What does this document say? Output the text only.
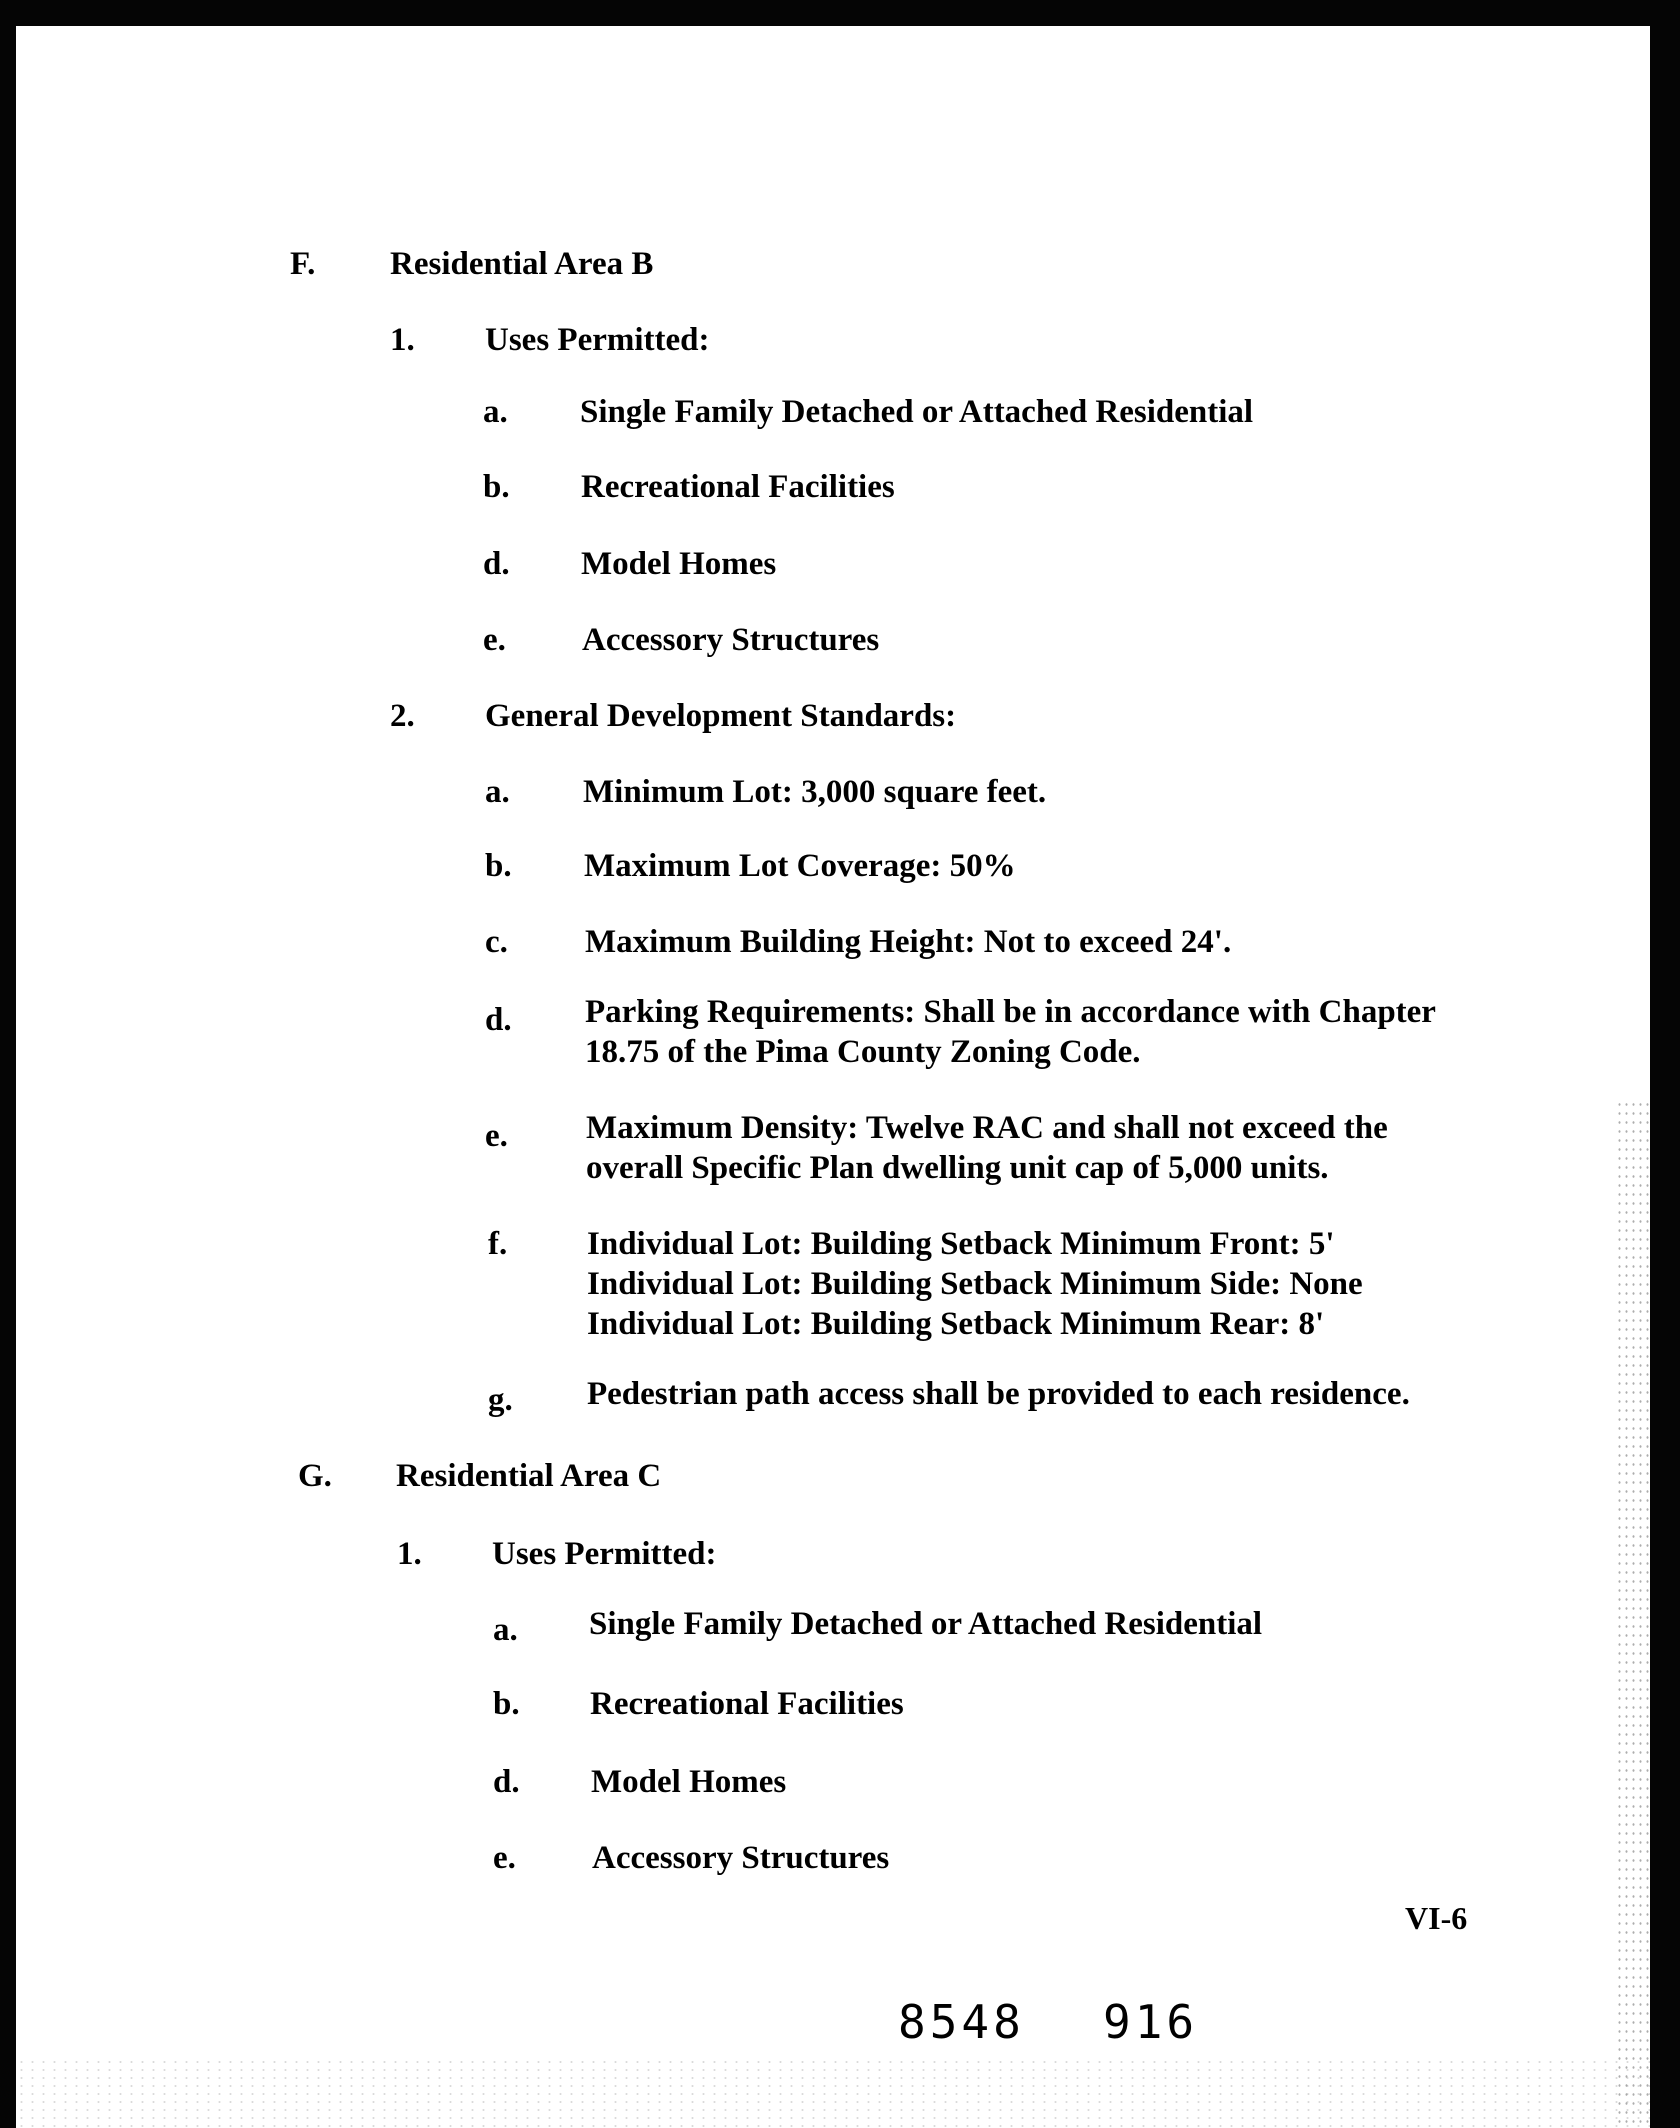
F. Residential Area B
1. Uses Permitted:
a. Single Family Detached or Attached Residential
b. Recreational Facilities
d. Model Homes
e. Accessory Structures
2. General Development Standards:
a. Minimum Lot: 3,000 square feet.
b. Maximum Lot Coverage: 50%
c. Maximum Building Height: Not to exceed 24'.
d. Parking Requirements: Shall be in accordance with Chapter
18.75 of the Pima County Zoning Code.
e. Maximum Density: Twelve RAC and shall not exceed the
overall Specific Plan dwelling unit cap of 5,000 units.
f. Individual Lot: Building Setback Minimum Front: 5'
Individual Lot: Building Setback Minimum Side: None
Individual Lot: Building Setback Minimum Rear: 8'
g. Pedestrian path access shall be provided to each residence.
G. Residential Area C
1. Uses Permitted:
a. Single Family Detached or Attached Residential
b. Recreational Facilities
d. Model Homes
e. Accessory Structures
VI-6
8548 916
